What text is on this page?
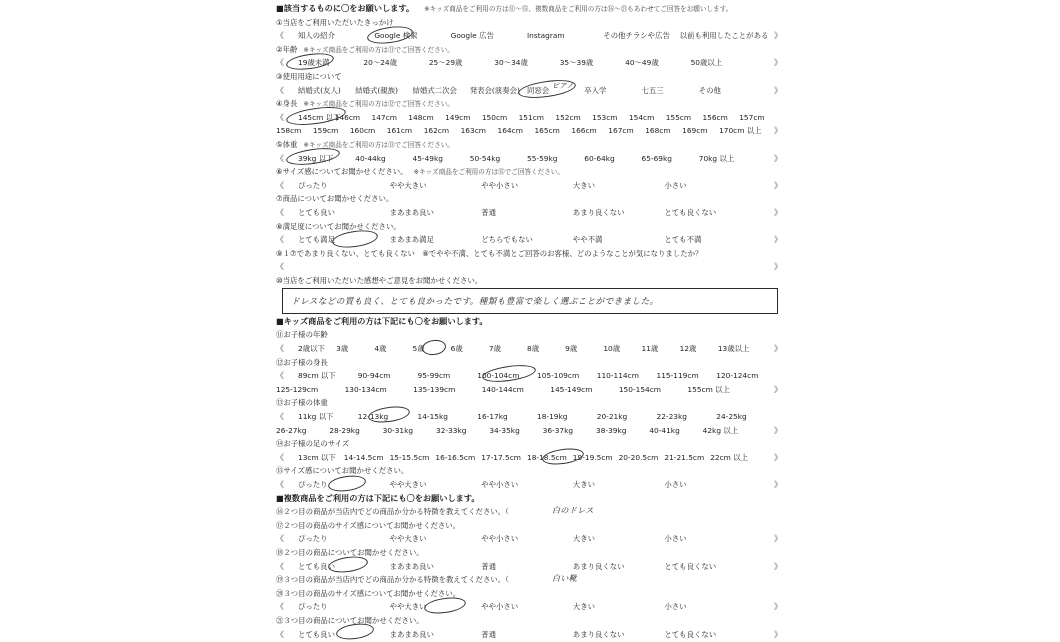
ドレスなどの質も良く、とても良かったです。種類も豊富で楽しく選ぶことができました。
白のドレス
白い靴
ピアノ
■該当するものに〇をお願いします。 ※キッズ商品をご利用の方は⑪～⑮、複数商品をご利用の方は⑯～㉑もあわせてご回答をお願いします。
①当店をご利用いただいたきっかけ
《 知人の紹介	Google 検索	Google 広告	Instagram	その他チラシや広告 以前も利用したことがある 》
②年齢 ※キッズ商品をご利用の方は⑪でご回答ください。
《 19歳未満	20～24歳	25～29歳	30～34歳	35～39歳	40～49歳	50歳以上	》
③使用用途について
《 結婚式(友人) 結婚式(親族) 結婚式二次会 発表会(演奏会) 同窓会	卒入学	七五三	その他	》
④身長 ※キッズ商品をご利用の方は⑫でご回答ください。
《 145cm 以下
146cm 147cm 148cm 149cm 150cm 151cm 152cm 153cm 154cm 155cm 156cm 157cm
158cm 159cm 160cm 161cm 162cm 163cm 164cm 165cm 166cm 167cm 168cm 169cm 170cm 以上 》
⑤体重 ※キッズ商品をご利用の方は⑬でご回答ください。
《 39kg 以下	40-44kg	45-49kg	50-54kg	55-59kg	60-64kg	65-69kg	70kg 以上	》
⑥サイズ感についてお聞かせください。 ※キッズ商品をご利用の方は⑮でご回答ください。
《 ぴったり	やや大きい	やや小さい	大きい	小さい	》
⑦商品についてお聞かせください。
《 とても良い	まあまあ良い	普通	あまり良くない	とても良くない	》
⑧満足度についてお聞かせください。
《 とても満足	まあまあ満足	どちらでもない	やや不満	とても不満	》
⑨１⑦であまり良くない、とても良くない　⑧でやや不満、とても不満とご回答のお客様、どのようなことが気になりましたか？
《	》
⑩当店をご利用いただいた感想やご意見をお聞かせください。
■キッズ商品をご利用の方は下記にも〇をお願いします。
⑪お子様の年齢
《 2歳以下 3歳	4歳	5歳	6歳	7歳	8歳	9歳	10歳	11歳	12歳	13歳以上	》
⑫お子様の身長
《 89cm 以下	90-94cm	95-99cm	100-104cm 105-109cm 110-114cm 115-119cm 120-124cm
125-129cm	130-134cm	135-139cm	140-144cm	145-149cm	150-154cm	155cm 以上	》
⑬お子様の体重
《 11kg 以下	12-13kg	14-15kg	16-17kg	18-19kg	20-21kg	22-23kg	24-25kg
26-27kg	28-29kg	30-31kg	32-33kg	34-35kg	36-37kg	38-39kg	40-41kg	42kg 以上	》
⑭お子様の足のサイズ
《 13cm 以下 14-14.5cm 15-15.5cm 16-16.5cm 17-17.5cm 18-18.5cm 19-19.5cm 20-20.5cm 21-21.5cm 22cm 以上	》
⑮サイズ感についてお聞かせください。
《 ぴったり	やや大きい	やや小さい	大きい	小さい	》
■複数商品をご利用の方は下記にも〇をお願いします。
⑯２つ目の商品が当店内でどの商品か分かる特徴を教えてください。（
⑰２つ目の商品のサイズ感についてお聞かせください。
《 ぴったり	やや大きい	やや小さい	大きい	小さい	》
⑱２つ目の商品についてお聞かせください。
《 とても良い	まあまあ良い	普通	あまり良くない	とても良くない	》
⑲３つ目の商品が当店内でどの商品か分かる特徴を教えてください。（
⑳３つ目の商品のサイズ感についてお聞かせください。
《 ぴったり	やや大きい	やや小さい	大きい	小さい	》
㉑３つ目の商品についてお聞かせください。
《 とても良い	まあまあ良い	普通	あまり良くない	とても良くない	》
